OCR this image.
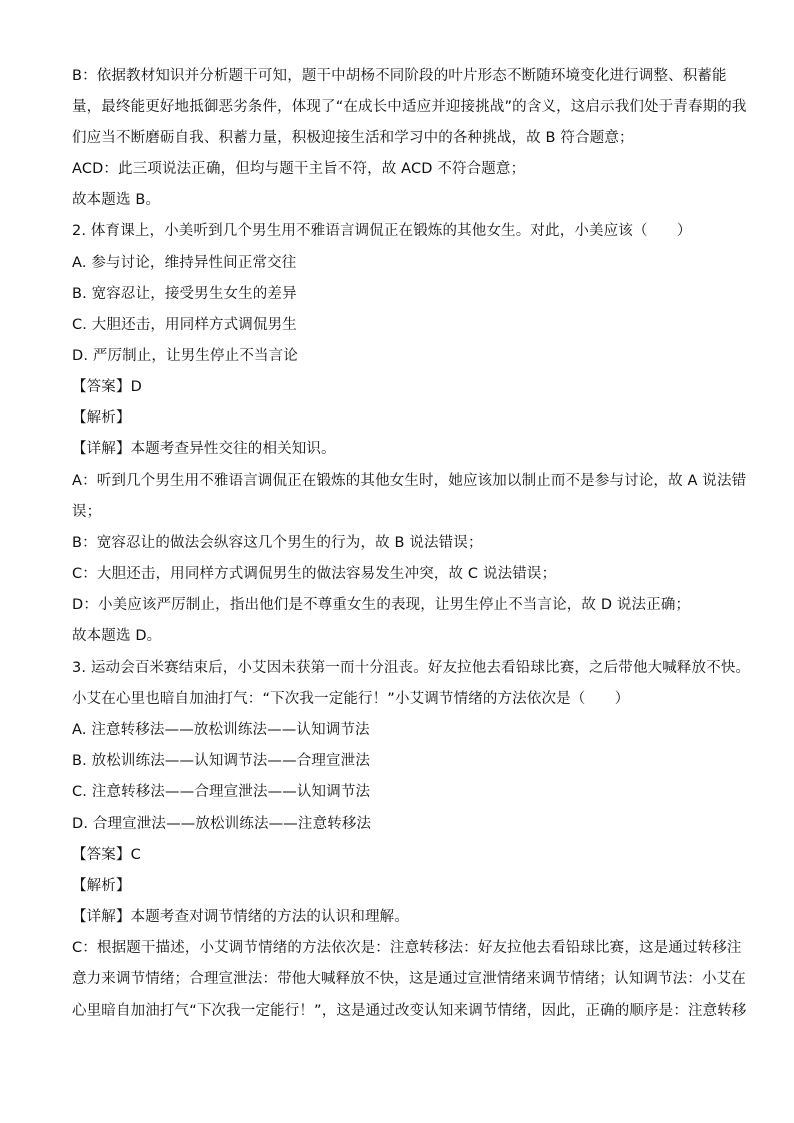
B：依据教材知识并分析题干可知，题干中胡杨不同阶段的叶片形态不断随环境变化进行调整、积蓄能
量，最终能更好地抵御恶劣条件，体现了“在成长中适应并迎接挑战”的含义，这启示我们处于青春期的我
们应当不断磨砺自我、积蓄力量，积极迎接生活和学习中的各种挑战，故 B 符合题意；
ACD：此三项说法正确，但均与题干主旨不符，故 ACD 不符合题意；
故本题选 B。
2. 体育课上，小美听到几个男生用不雅语言调侃正在锻炼的其他女生。对此，小美应该（　　）
A. 参与讨论，维持异性间正常交往
B. 宽容忍让，接受男生女生的差异
C. 大胆还击，用同样方式调侃男生
D. 严厉制止，让男生停止不当言论
【答案】D
【解析】
【详解】本题考查异性交往的相关知识。
A：听到几个男生用不雅语言调侃正在锻炼的其他女生时，她应该加以制止而不是参与讨论，故 A 说法错
误；
B：宽容忍让的做法会纵容这几个男生的行为，故 B 说法错误；
C：大胆还击，用同样方式调侃男生的做法容易发生冲突，故 C 说法错误；
D：小美应该严厉制止，指出他们是不尊重女生的表现，让男生停止不当言论，故 D 说法正确；
故本题选 D。
3. 运动会百米赛结束后，小艾因未获第一而十分沮丧。好友拉他去看铅球比赛，之后带他大喊释放不快。
小艾在心里也暗自加油打气：“下次我一定能行！”小艾调节情绪的方法依次是（　　）
A. 注意转移法——放松训练法——认知调节法
B. 放松训练法——认知调节法——合理宣泄法
C. 注意转移法——合理宣泄法——认知调节法
D. 合理宣泄法——放松训练法——注意转移法
【答案】C
【解析】
【详解】本题考查对调节情绪的方法的认识和理解。
C：根据题干描述，小艾调节情绪的方法依次是：注意转移法：好友拉他去看铅球比赛，这是通过转移注
意力来调节情绪；合理宣泄法：带他大喊释放不快，这是通过宣泄情绪来调节情绪；认知调节法：小艾在
心里暗自加油打气“下次我一定能行！”，这是通过改变认知来调节情绪，因此，正确的顺序是：注意转移
